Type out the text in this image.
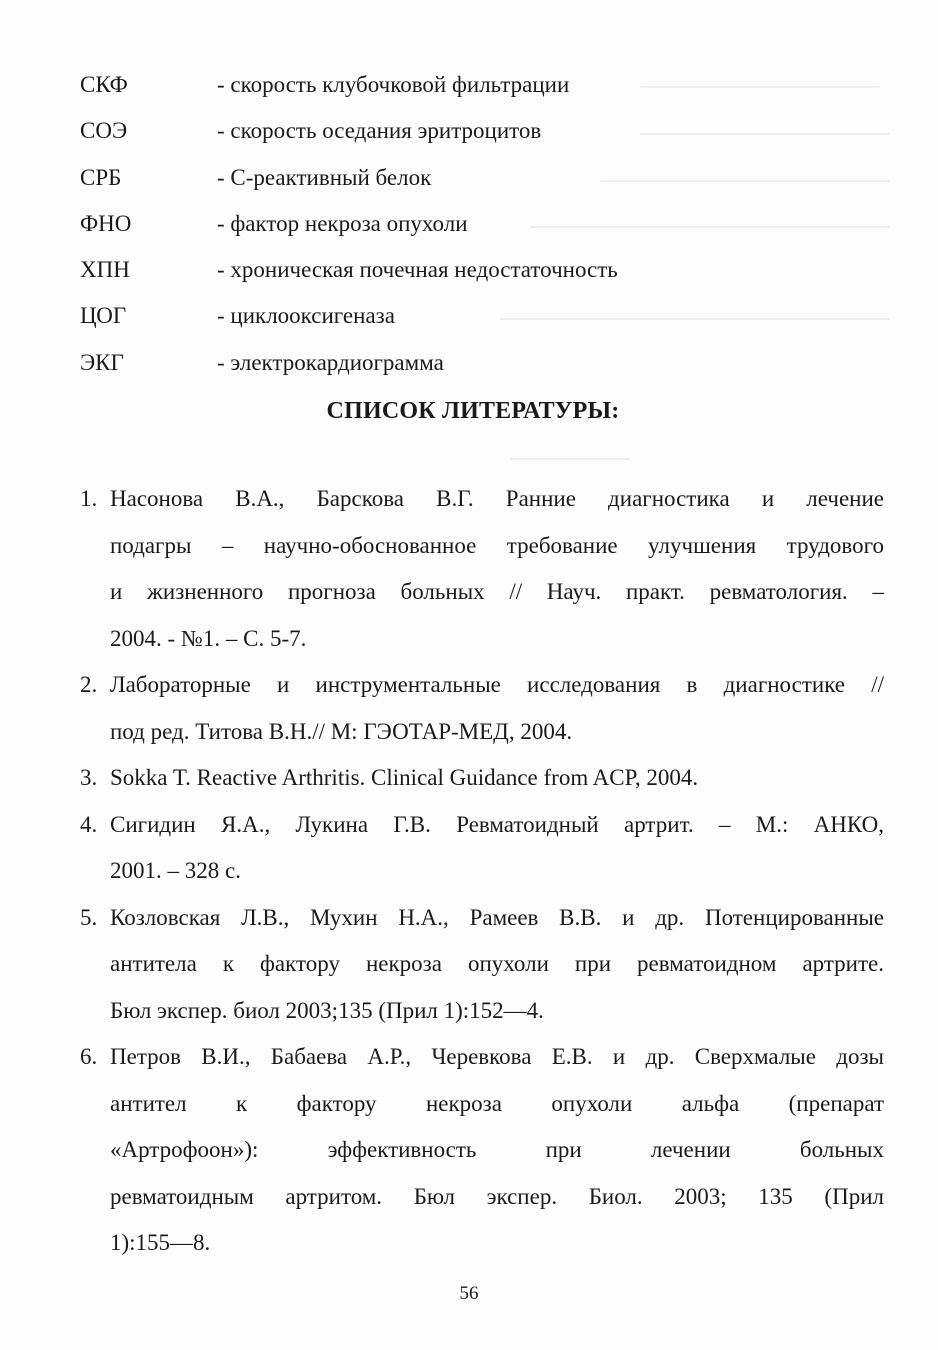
СКФ	- скорость клубочковой фильтрации
СОЭ	- скорость оседания эритроцитов
СРБ	- С-реактивный белок
ФНО	- фактор некроза опухоли
ХПН	- хроническая почечная недостаточность
ЦОГ	- циклооксигеназа
ЭКГ	- электрокардиограмма
СПИСОК ЛИТЕРАТУРЫ:
1. Насонова В.А., Барскова В.Г. Ранние диагностика и лечение
подагры – научно-обоснованное требование улучшения трудового
и жизненного прогноза больных // Науч. практ. ревматология. –
2004. - №1. – С. 5-7.
2. Лабораторные и инструментальные исследования в диагностике //
под ред. Титова В.Н.// М: ГЭОТАР-МЕД, 2004.
3. Sokka T. Reactive Arthritis. Clinical Guidance from ACP, 2004.
4. Сигидин Я.А., Лукина Г.В. Ревматоидный артрит. – М.: АНКО,
2001. – 328 с.
5. Козловская Л.В., Мухин Н.А., Рамеев В.В. и др. Потенцированные
антитела к фактору некроза опухоли при ревматоидном артрите.
Бюл экспер. биол 2003;135 (Прил 1):152—4.
6. Петров В.И., Бабаева А.Р., Черевкова Е.В. и др. Сверхмалые дозы
антител к фактору некроза опухоли альфа (препарат
«Артрофоон»): эффективность при лечении больных
ревматоидным артритом. Бюл экспер. Биол. 2003; 135 (Прил
1):155—8.
56
